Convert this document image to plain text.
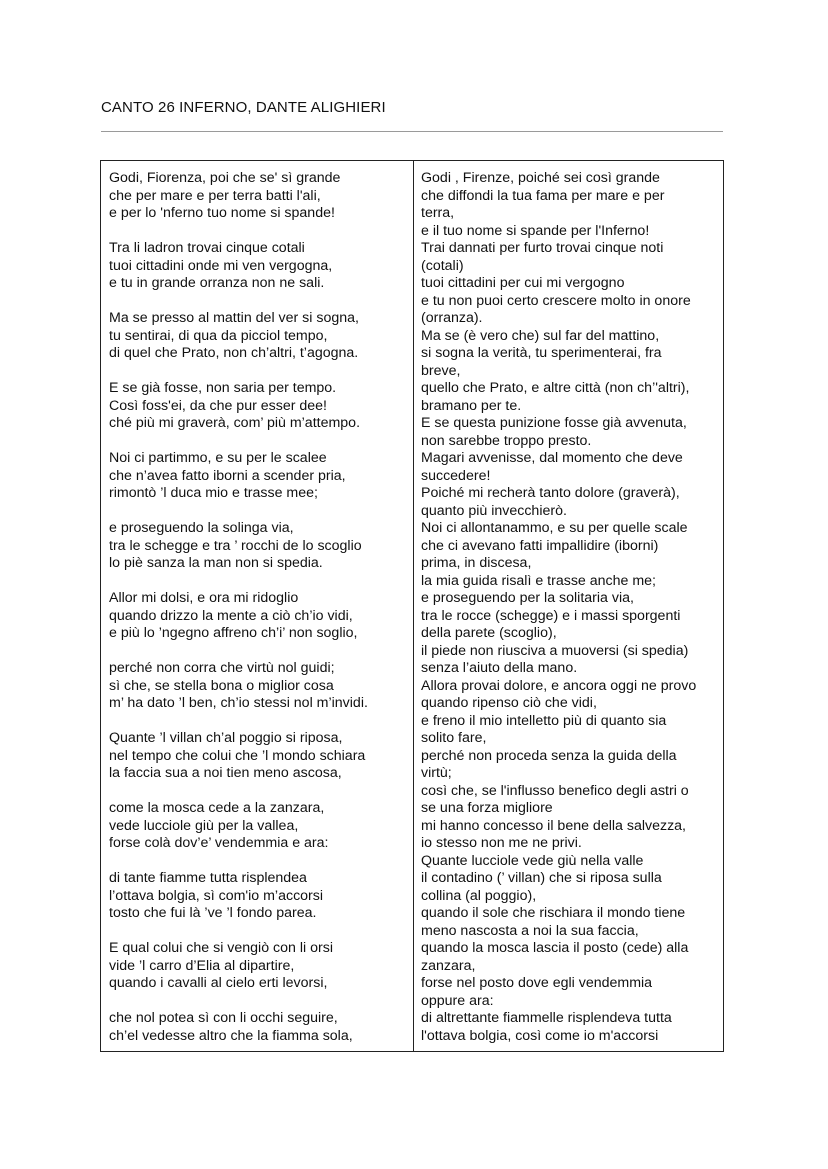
CANTO 26 INFERNO, DANTE ALIGHIERI
Godi, Fiorenza, poi che se' sì grande
che per mare e per terra batti l'ali,
e per lo 'nferno tuo nome si spande!
Tra li ladron trovai cinque cotali
tuoi cittadini onde mi ven vergogna,
e tu in grande orranza non ne sali.
Ma se presso al mattin del ver si sogna,
tu sentirai, di qua da picciol tempo,
di quel che Prato, non ch’altri, t’agogna.
E se già fosse, non saria per tempo.
Così foss'ei, da che pur esser dee!
ché più mi graverà, com’ più m’attempo.
Noi ci partimmo, e su per le scalee
che n’avea fatto iborni a scender pria,
rimontò ’l duca mio e trasse mee;
e proseguendo la solinga via,
tra le schegge e tra ’ rocchi de lo scoglio
lo piè sanza la man non si spedia.
Allor mi dolsi, e ora mi ridoglio
quando drizzo la mente a ciò ch’io vidi,
e più lo ’ngegno affreno ch’i’ non soglio,
perché non corra che virtù nol guidi;
sì che, se stella bona o miglior cosa
m’ ha dato ’l ben, ch’io stessi nol m’invidi.
Quante ’l villan ch’al poggio si riposa,
nel tempo che colui che ’l mondo schiara
la faccia sua a noi tien meno ascosa,
come la mosca cede a la zanzara,
vede lucciole giù per la vallea,
forse colà dov’e’ vendemmia e ara:
di tante fiamme tutta risplendea
l’ottava bolgia, sì com'io m’accorsi
tosto che fui là ’ve ’l fondo parea.
E qual colui che si vengiò con li orsi
vide ’l carro d’Elia al dipartire,
quando i cavalli al cielo erti levorsi,
che nol potea sì con li occhi seguire,
ch’el vedesse altro che la fiamma sola,
Godi , Firenze, poiché sei così grande
che diffondi la tua fama per mare e per
terra,
e il tuo nome si spande per l'Inferno!
Trai dannati per furto trovai cinque noti
(cotali)
tuoi cittadini per cui mi vergogno
e tu non puoi certo crescere molto in onore
(orranza).
Ma se (è vero che) sul far del mattino,
si sogna la verità, tu sperimenterai, fra
breve,
quello che Prato, e altre città (non ch’'altri),
bramano per te.
E se questa punizione fosse già avvenuta,
non sarebbe troppo presto.
Magari avvenisse, dal momento che deve
succedere!
Poiché mi recherà tanto dolore (graverà),
quanto più invecchierò.
Noi ci allontanammo, e su per quelle scale
che ci avevano fatti impallidire (iborni)
prima, in discesa,
la mia guida risalì e trasse anche me;
e proseguendo per la solitaria via,
tra le rocce (schegge) e i massi sporgenti
della parete (scoglio),
il piede non riusciva a muoversi (si spedia)
senza l’aiuto della mano.
Allora provai dolore, e ancora oggi ne provo
quando ripenso ciò che vidi,
e freno il mio intelletto più di quanto sia
solito fare,
perché non proceda senza la guida della
virtù;
così che, se l'influsso benefico degli astri o
se una forza migliore
mi hanno concesso il bene della salvezza,
io stesso non me ne privi.
Quante lucciole vede giù nella valle
il contadino (’ villan) che si riposa sulla
collina (al poggio),
quando il sole che rischiara il mondo tiene
meno nascosta a noi la sua faccia,
quando la mosca lascia il posto (cede) alla
zanzara,
forse nel posto dove egli vendemmia
oppure ara:
di altrettante fiammelle risplendeva tutta
l'ottava bolgia, così come io m'accorsi
